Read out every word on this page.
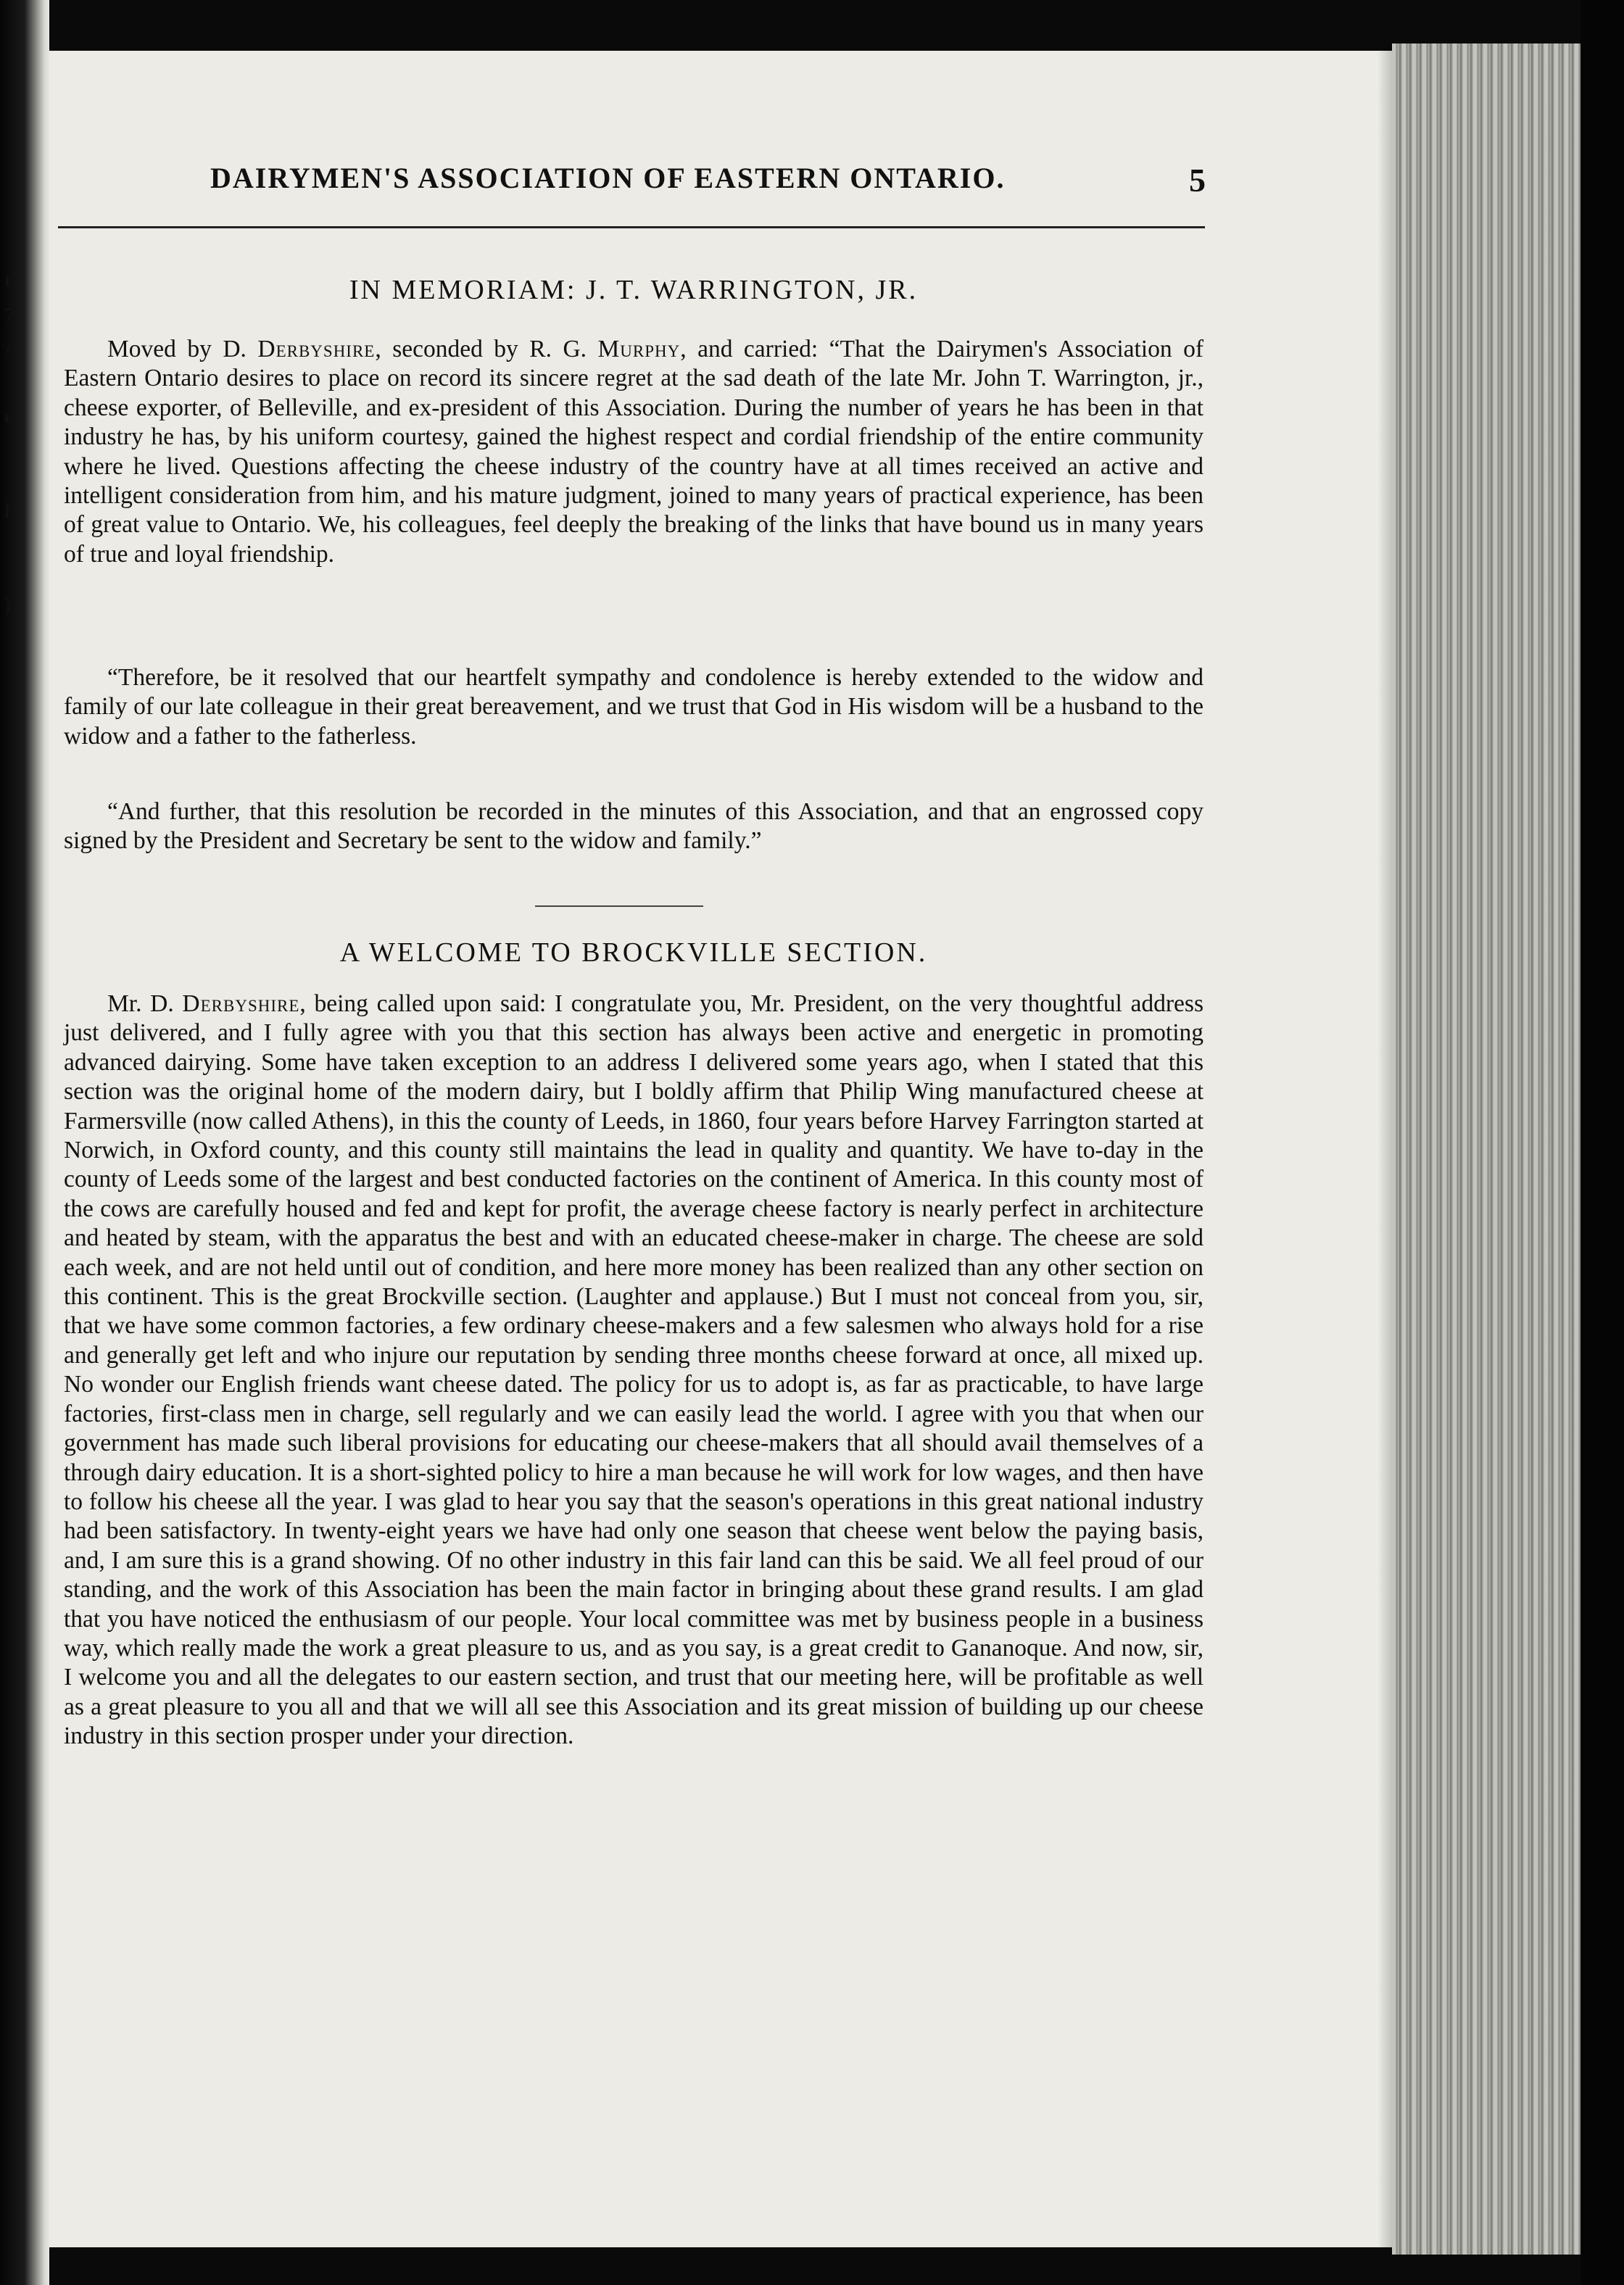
t
7
/
e
l
)
DAIRYMEN'S ASSOCIATION OF EASTERN ONTARIO.	5
IN MEMORIAM: J. T. WARRINGTON, JR.

Moved by D. Derbyshire, seconded by R. G. Murphy, and carried: “That the Dairymen's Association of Eastern Ontario desires to place on record its sincere regret at the sad death of the late Mr. John T. Warrington, jr., cheese exporter, of Belleville, and ex-president of this Association. During the number of years he has been in that industry he has, by his uniform courtesy, gained the highest respect and cordial friendship of the entire community where he lived. Questions affecting the cheese industry of the country have at all times received an active and intelligent consideration from him, and his mature judgment, joined to many years of practical experience, has been of great value to Ontario. We, his colleagues, feel deeply the breaking of the links that have bound us in many years of true and loyal friendship.

“Therefore, be it resolved that our heartfelt sympathy and condolence is hereby extended to the widow and family of our late colleague in their great bereavement, and we trust that God in His wisdom will be a husband to the widow and a father to the fatherless.

“And further, that this resolution be recorded in the minutes of this Association, and that an engrossed copy signed by the President and Secretary be sent to the widow and family.”

A WELCOME TO BROCKVILLE SECTION.

Mr. D. Derbyshire, being called upon said: I congratulate you, Mr. President, on the very thoughtful address just delivered, and I fully agree with you that this section has always been active and energetic in promoting advanced dairying. Some have taken exception to an address I delivered some years ago, when I stated that this section was the original home of the modern dairy, but I boldly affirm that Philip Wing manufactured cheese at Farmersville (now called Athens), in this the county of Leeds, in 1860, four years before Harvey Farrington started at Norwich, in Oxford county, and this county still maintains the lead in quality and quantity. We have to-day in the county of Leeds some of the largest and best conducted factories on the continent of America. In this county most of the cows are carefully housed and fed and kept for profit, the average cheese factory is nearly perfect in architecture and heated by steam, with the apparatus the best and with an educated cheese-maker in charge. The cheese are sold each week, and are not held until out of condition, and here more money has been realized than any other section on this continent. This is the great Brockville section. (Laughter and applause.) But I must not conceal from you, sir, that we have some common factories, a few ordinary cheese-makers and a few salesmen who always hold for a rise and generally get left and who injure our reputation by sending three months cheese forward at once, all mixed up. No wonder our English friends want cheese dated. The policy for us to adopt is, as far as practicable, to have large factories, first-class men in charge, sell regularly and we can easily lead the world. I agree with you that when our government has made such liberal provisions for educating our cheese-makers that all should avail themselves of a through dairy education. It is a short-sighted policy to hire a man because he will work for low wages, and then have to follow his cheese all the year. I was glad to hear you say that the season's operations in this great national industry had been satisfactory. In twenty-eight years we have had only one season that cheese went below the paying basis, and, I am sure this is a grand showing. Of no other industry in this fair land can this be said. We all feel proud of our standing, and the work of this Association has been the main factor in bringing about these grand results. I am glad that you have noticed the enthusiasm of our people. Your local committee was met by business people in a business way, which really made the work a great pleasure to us, and as you say, is a great credit to Gananoque. And now, sir, I welcome you and all the delegates to our eastern section, and trust that our meeting here, will be profitable as well as a great pleasure to you all and that we will all see this Association and its great mission of building up our cheese industry in this section prosper under your direction.
